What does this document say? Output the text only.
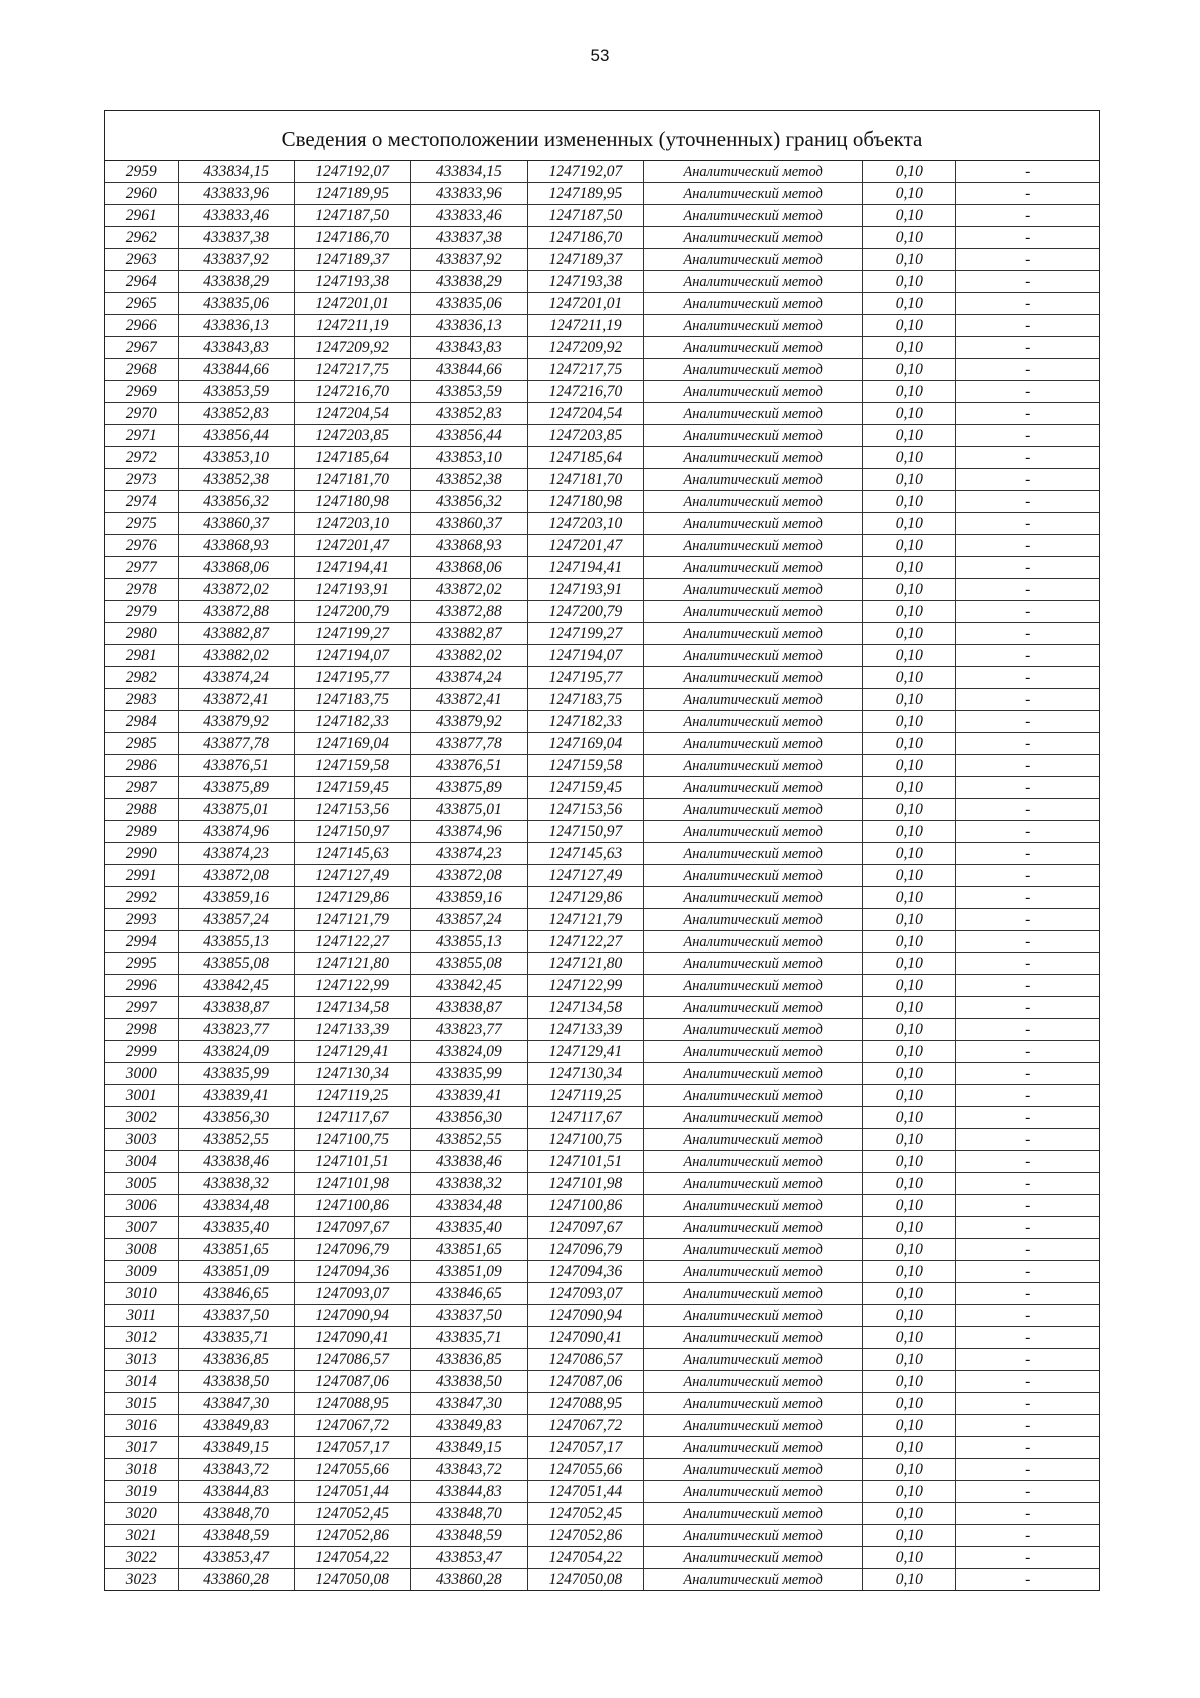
53
Сведения о местоположении измененных (уточненных) границ объекта
2959	433834,15	1247192,07	433834,15	1247192,07	Аналитический метод	0,10	-
2960	433833,96	1247189,95	433833,96	1247189,95	Аналитический метод	0,10	-
2961	433833,46	1247187,50	433833,46	1247187,50	Аналитический метод	0,10	-
2962	433837,38	1247186,70	433837,38	1247186,70	Аналитический метод	0,10	-
2963	433837,92	1247189,37	433837,92	1247189,37	Аналитический метод	0,10	-
2964	433838,29	1247193,38	433838,29	1247193,38	Аналитический метод	0,10	-
2965	433835,06	1247201,01	433835,06	1247201,01	Аналитический метод	0,10	-
2966	433836,13	1247211,19	433836,13	1247211,19	Аналитический метод	0,10	-
2967	433843,83	1247209,92	433843,83	1247209,92	Аналитический метод	0,10	-
2968	433844,66	1247217,75	433844,66	1247217,75	Аналитический метод	0,10	-
2969	433853,59	1247216,70	433853,59	1247216,70	Аналитический метод	0,10	-
2970	433852,83	1247204,54	433852,83	1247204,54	Аналитический метод	0,10	-
2971	433856,44	1247203,85	433856,44	1247203,85	Аналитический метод	0,10	-
2972	433853,10	1247185,64	433853,10	1247185,64	Аналитический метод	0,10	-
2973	433852,38	1247181,70	433852,38	1247181,70	Аналитический метод	0,10	-
2974	433856,32	1247180,98	433856,32	1247180,98	Аналитический метод	0,10	-
2975	433860,37	1247203,10	433860,37	1247203,10	Аналитический метод	0,10	-
2976	433868,93	1247201,47	433868,93	1247201,47	Аналитический метод	0,10	-
2977	433868,06	1247194,41	433868,06	1247194,41	Аналитический метод	0,10	-
2978	433872,02	1247193,91	433872,02	1247193,91	Аналитический метод	0,10	-
2979	433872,88	1247200,79	433872,88	1247200,79	Аналитический метод	0,10	-
2980	433882,87	1247199,27	433882,87	1247199,27	Аналитический метод	0,10	-
2981	433882,02	1247194,07	433882,02	1247194,07	Аналитический метод	0,10	-
2982	433874,24	1247195,77	433874,24	1247195,77	Аналитический метод	0,10	-
2983	433872,41	1247183,75	433872,41	1247183,75	Аналитический метод	0,10	-
2984	433879,92	1247182,33	433879,92	1247182,33	Аналитический метод	0,10	-
2985	433877,78	1247169,04	433877,78	1247169,04	Аналитический метод	0,10	-
2986	433876,51	1247159,58	433876,51	1247159,58	Аналитический метод	0,10	-
2987	433875,89	1247159,45	433875,89	1247159,45	Аналитический метод	0,10	-
2988	433875,01	1247153,56	433875,01	1247153,56	Аналитический метод	0,10	-
2989	433874,96	1247150,97	433874,96	1247150,97	Аналитический метод	0,10	-
2990	433874,23	1247145,63	433874,23	1247145,63	Аналитический метод	0,10	-
2991	433872,08	1247127,49	433872,08	1247127,49	Аналитический метод	0,10	-
2992	433859,16	1247129,86	433859,16	1247129,86	Аналитический метод	0,10	-
2993	433857,24	1247121,79	433857,24	1247121,79	Аналитический метод	0,10	-
2994	433855,13	1247122,27	433855,13	1247122,27	Аналитический метод	0,10	-
2995	433855,08	1247121,80	433855,08	1247121,80	Аналитический метод	0,10	-
2996	433842,45	1247122,99	433842,45	1247122,99	Аналитический метод	0,10	-
2997	433838,87	1247134,58	433838,87	1247134,58	Аналитический метод	0,10	-
2998	433823,77	1247133,39	433823,77	1247133,39	Аналитический метод	0,10	-
2999	433824,09	1247129,41	433824,09	1247129,41	Аналитический метод	0,10	-
3000	433835,99	1247130,34	433835,99	1247130,34	Аналитический метод	0,10	-
3001	433839,41	1247119,25	433839,41	1247119,25	Аналитический метод	0,10	-
3002	433856,30	1247117,67	433856,30	1247117,67	Аналитический метод	0,10	-
3003	433852,55	1247100,75	433852,55	1247100,75	Аналитический метод	0,10	-
3004	433838,46	1247101,51	433838,46	1247101,51	Аналитический метод	0,10	-
3005	433838,32	1247101,98	433838,32	1247101,98	Аналитический метод	0,10	-
3006	433834,48	1247100,86	433834,48	1247100,86	Аналитический метод	0,10	-
3007	433835,40	1247097,67	433835,40	1247097,67	Аналитический метод	0,10	-
3008	433851,65	1247096,79	433851,65	1247096,79	Аналитический метод	0,10	-
3009	433851,09	1247094,36	433851,09	1247094,36	Аналитический метод	0,10	-
3010	433846,65	1247093,07	433846,65	1247093,07	Аналитический метод	0,10	-
3011	433837,50	1247090,94	433837,50	1247090,94	Аналитический метод	0,10	-
3012	433835,71	1247090,41	433835,71	1247090,41	Аналитический метод	0,10	-
3013	433836,85	1247086,57	433836,85	1247086,57	Аналитический метод	0,10	-
3014	433838,50	1247087,06	433838,50	1247087,06	Аналитический метод	0,10	-
3015	433847,30	1247088,95	433847,30	1247088,95	Аналитический метод	0,10	-
3016	433849,83	1247067,72	433849,83	1247067,72	Аналитический метод	0,10	-
3017	433849,15	1247057,17	433849,15	1247057,17	Аналитический метод	0,10	-
3018	433843,72	1247055,66	433843,72	1247055,66	Аналитический метод	0,10	-
3019	433844,83	1247051,44	433844,83	1247051,44	Аналитический метод	0,10	-
3020	433848,70	1247052,45	433848,70	1247052,45	Аналитический метод	0,10	-
3021	433848,59	1247052,86	433848,59	1247052,86	Аналитический метод	0,10	-
3022	433853,47	1247054,22	433853,47	1247054,22	Аналитический метод	0,10	-
3023	433860,28	1247050,08	433860,28	1247050,08	Аналитический метод	0,10	-
